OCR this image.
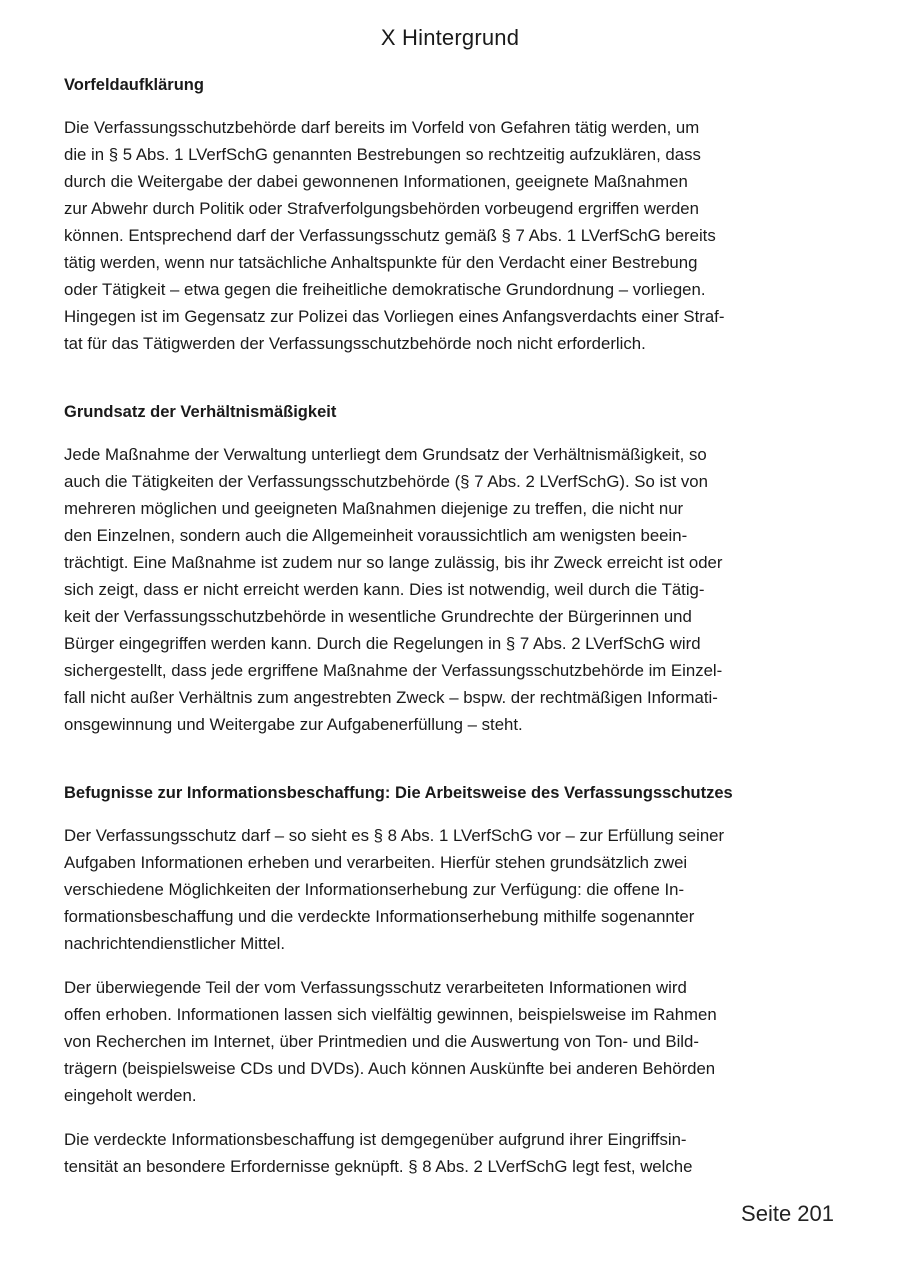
X Hintergrund
Vorfeldaufklärung

Die Verfassungsschutzbehörde darf bereits im Vorfeld von Gefahren tätig werden, um
die in § 5 Abs. 1 LVerfSchG genannten Bestrebungen so rechtzeitig aufzuklären, dass
durch die Weitergabe der dabei gewonnenen Informationen, geeignete Maßnahmen
zur Abwehr durch Politik oder Strafverfolgungsbehörden vorbeugend ergriffen werden
können. Entsprechend darf der Verfassungsschutz gemäß § 7 Abs. 1 LVerfSchG bereits
tätig werden, wenn nur tatsächliche Anhaltspunkte für den Verdacht einer Bestrebung
oder Tätigkeit – etwa gegen die freiheitliche demokratische Grundordnung – vorliegen.
Hingegen ist im Gegensatz zur Polizei das Vorliegen eines Anfangsverdachts einer Straf-
tat für das Tätigwerden der Verfassungsschutzbehörde noch nicht erforderlich.

Grundsatz der Verhältnismäßigkeit

Jede Maßnahme der Verwaltung unterliegt dem Grundsatz der Verhältnismäßigkeit, so
auch die Tätigkeiten der Verfassungsschutzbehörde (§ 7 Abs. 2 LVerfSchG). So ist von
mehreren möglichen und geeigneten Maßnahmen diejenige zu treffen, die nicht nur
den Einzelnen, sondern auch die Allgemeinheit voraussichtlich am wenigsten beein-
trächtigt. Eine Maßnahme ist zudem nur so lange zulässig, bis ihr Zweck erreicht ist oder
sich zeigt, dass er nicht erreicht werden kann. Dies ist notwendig, weil durch die Tätig-
keit der Verfassungsschutzbehörde in wesentliche Grundrechte der Bürgerinnen und
Bürger eingegriffen werden kann. Durch die Regelungen in § 7 Abs. 2 LVerfSchG wird
sichergestellt, dass jede ergriffene Maßnahme der Verfassungsschutzbehörde im Einzel-
fall nicht außer Verhältnis zum angestrebten Zweck – bspw. der rechtmäßigen Informati-
onsgewinnung und Weitergabe zur Aufgabenerfüllung – steht.

Befugnisse zur Informationsbeschaffung: Die Arbeitsweise des Verfassungsschutzes

Der Verfassungsschutz darf – so sieht es § 8 Abs. 1 LVerfSchG vor – zur Erfüllung seiner
Aufgaben Informationen erheben und verarbeiten. Hierfür stehen grundsätzlich zwei
verschiedene Möglichkeiten der Informationserhebung zur Verfügung: die offene In-
formationsbeschaffung und die verdeckte Informationserhebung mithilfe sogenannter
nachrichtendienstlicher Mittel.

Der überwiegende Teil der vom Verfassungsschutz verarbeiteten Informationen wird
offen erhoben. Informationen lassen sich vielfältig gewinnen, beispielsweise im Rahmen
von Recherchen im Internet, über Printmedien und die Auswertung von Ton- und Bild-
trägern (beispielsweise CDs und DVDs). Auch können Auskünfte bei anderen Behörden
eingeholt werden.

Die verdeckte Informationsbeschaffung ist demgegenüber aufgrund ihrer Eingriffsin-
tensität an besondere Erfordernisse geknüpft. § 8 Abs. 2 LVerfSchG legt fest, welche

Seite 201
